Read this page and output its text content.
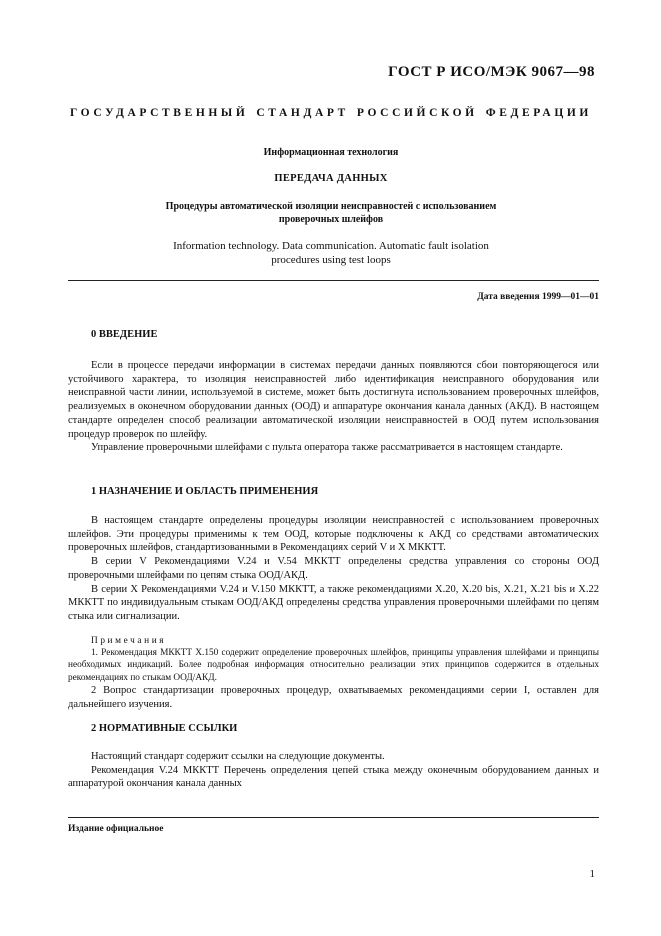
ГОСТ Р ИСО/МЭК 9067—98
ГОСУДАРСТВЕННЫЙ СТАНДАРТ РОССИЙСКОЙ ФЕДЕРАЦИИ
Информационная технология
ПЕРЕДАЧА ДАННЫХ
Процедуры автоматической изоляции неисправностей с использованием
проверочных шлейфов
Information technology. Data communication. Automatic fault isolation
procedures using test loops
Дата введения 1999—01—01
0 ВВЕДЕНИЕ

Если в процессе передачи информации в системах передачи данных появляются сбои повторяющегося или устойчивого характера, то изоляция неисправностей либо идентификация неисправного оборудования или неисправной части линии, используемой в системе, может быть достигнута использованием проверочных шлейфов, реализуемых в оконечном оборудовании данных (ООД) и аппаратуре окончания канала данных (АКД). В настоящем стандарте определен способ реализации автоматической изоляции неисправностей в ООД путем использования процедур проверок по шлейфу.

Управление проверочными шлейфами с пульта оператора также рассматривается в настоящем стандарте.

1 НАЗНАЧЕНИЕ И ОБЛАСТЬ ПРИМЕНЕНИЯ

В настоящем стандарте определены процедуры изоляции неисправностей с использованием проверочных шлейфов. Эти процедуры применимы к тем ООД, которые подключены к АКД со средствами автоматических проверочных шлейфов, стандартизованными в Рекомендациях серий V и X МККТТ.

В серии V Рекомендациями V.24 и V.54 МККТТ определены средства управления со стороны ООД проверочными шлейфами по цепям стыка ООД/АКД.

В серии X Рекомендациями V.24 и V.150 МККТТ, а также рекомендациями X.20, X.20 bis, X.21, X.21 bis и X.22 МККТТ по индивидуальным стыкам ООД/АКД определены средства управления проверочными шлейфами по цепям стыка или сигнализации.

Примечания

1. Рекомендация МККТТ X.150 содержит определение проверочных шлейфов, принципы управления шлейфами и принципы необходимых индикаций. Более подробная информация относительно реализации этих принципов содержится в отдельных рекомендациях по стыкам ООД/АКД.

2 Вопрос стандартизации проверочных процедур, охватываемых рекомендациями серии I, оставлен для дальнейшего изучения.

2 НОРМАТИВНЫЕ ССЫЛКИ

Настоящий стандарт содержит ссылки на следующие документы.

Рекомендация V.24 МККТТ Перечень определения цепей стыка между оконечным оборудованием данных и аппаратурой окончания канала данных

Издание официальное
1
